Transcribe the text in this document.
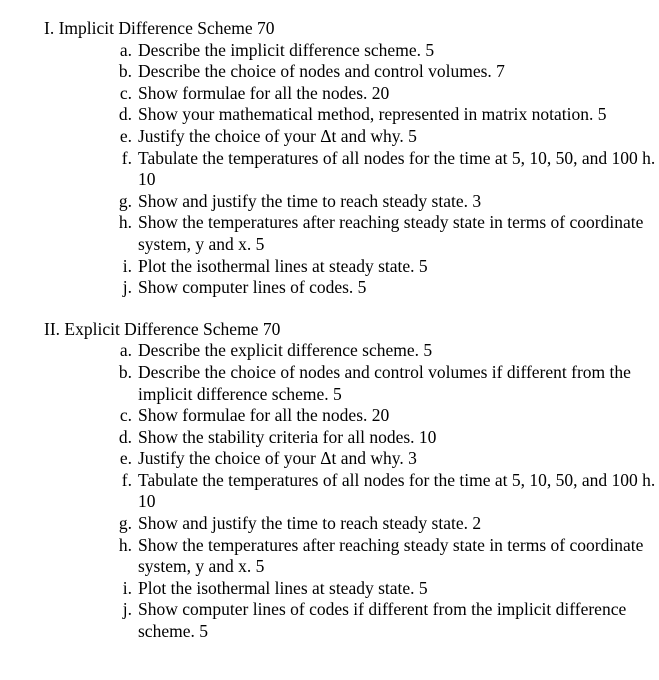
I. Implicit Difference Scheme 70
a. Describe the implicit difference scheme. 5
b. Describe the choice of nodes and control volumes. 7
c. Show formulae for all the nodes. 20
d. Show your mathematical method, represented in matrix notation. 5
e. Justify the choice of your Δt and why. 5
f. Tabulate the temperatures of all nodes for the time at 5, 10, 50, and 100 h. 10
g. Show and justify the time to reach steady state. 3
h. Show the temperatures after reaching steady state in terms of coordinate system, y and x. 5
i. Plot the isothermal lines at steady state. 5
j. Show computer lines of codes. 5
II. Explicit Difference Scheme 70
a. Describe the explicit difference scheme. 5
b. Describe the choice of nodes and control volumes if different from the implicit difference scheme. 5
c. Show formulae for all the nodes. 20
d. Show the stability criteria for all nodes. 10
e. Justify the choice of your Δt and why. 3
f. Tabulate the temperatures of all nodes for the time at 5, 10, 50, and 100 h. 10
g. Show and justify the time to reach steady state. 2
h. Show the temperatures after reaching steady state in terms of coordinate system, y and x. 5
i. Plot the isothermal lines at steady state. 5
j. Show computer lines of codes if different from the implicit difference scheme. 5
